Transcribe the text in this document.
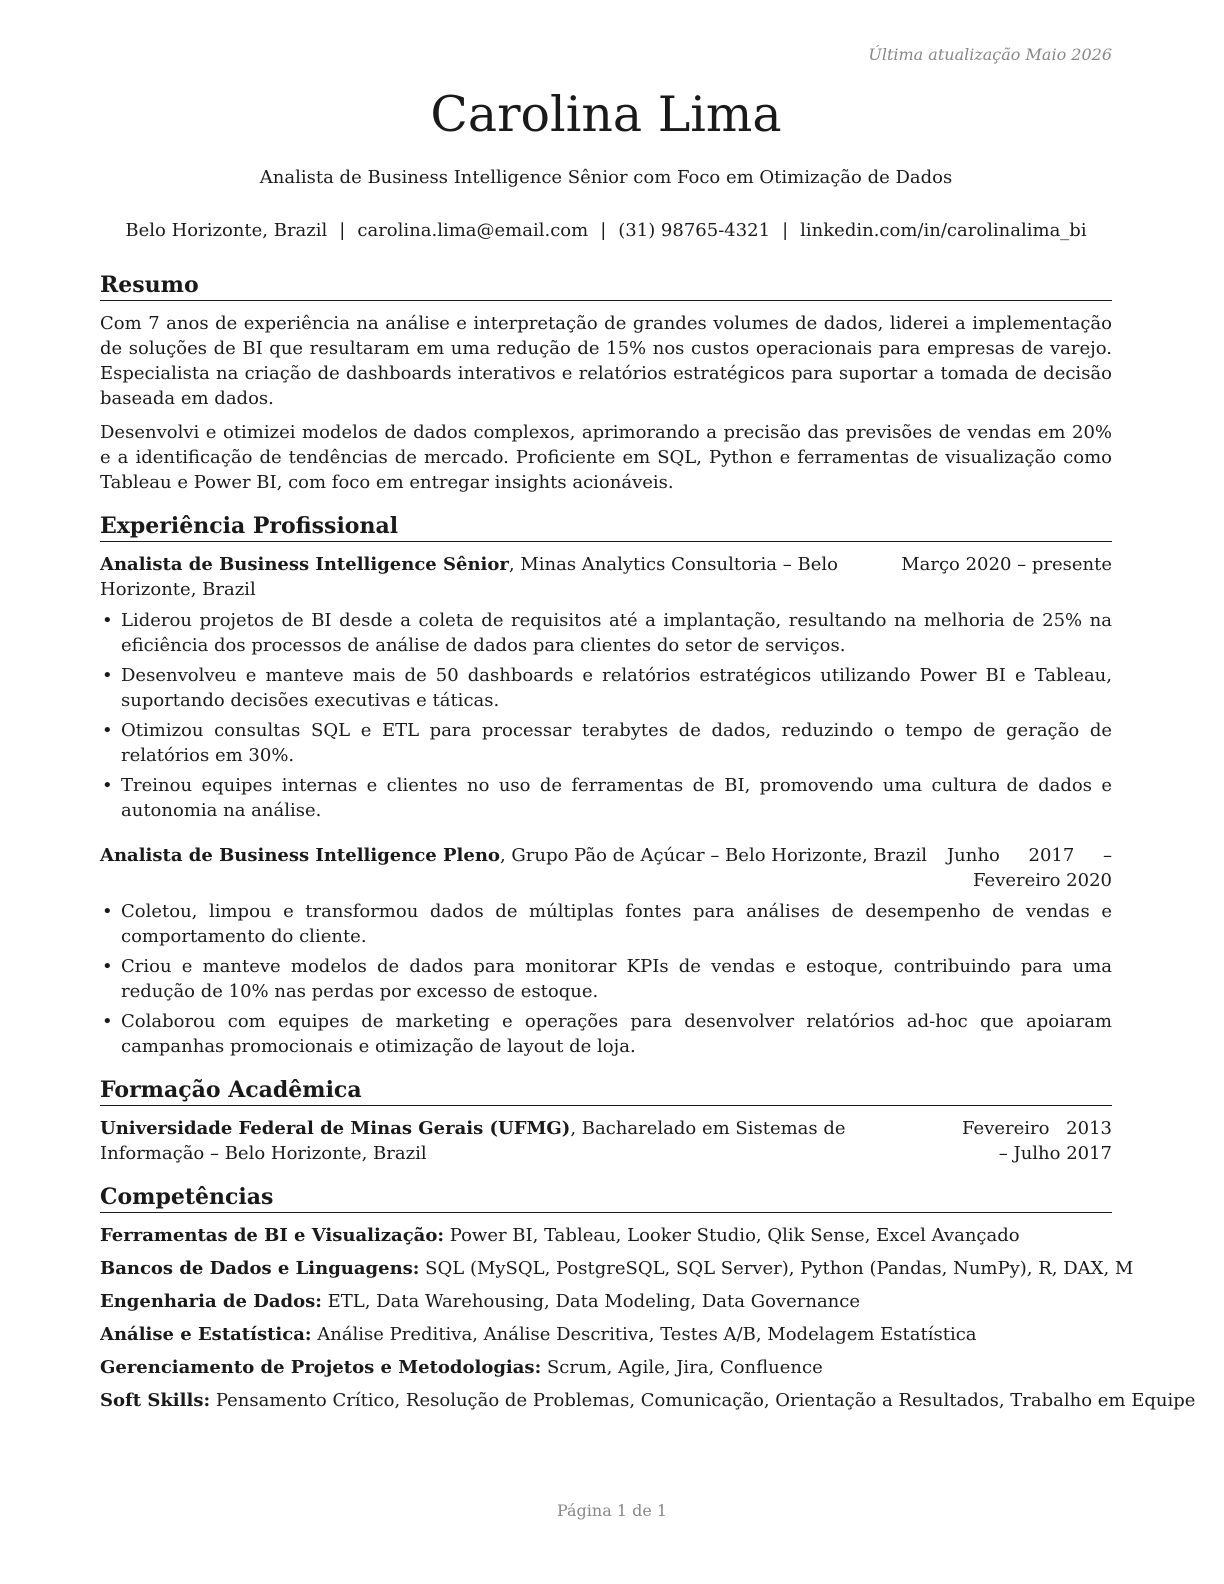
Última atualização Maio 2026
Carolina Lima
Analista de Business Intelligence Sênior com Foco em Otimização de Dados
Belo Horizonte, Brazil | carolina.lima@email.com | (31) 98765-4321 | linkedin.com/in/carolinalima_bi
Resumo

Com 7 anos de experiência na análise e interpretação de grandes volumes de dados, liderei a implementação de soluções de BI que resultaram em uma redução de 15% nos custos operacionais para empresas de varejo. Especialista na criação de dashboards interativos e relatórios estratégicos para suportar a tomada de decisão baseada em dados.

Desenvolvi e otimizei modelos de dados complexos, aprimorando a precisão das previsões de vendas em 20% e a identificação de tendências de mercado. Proficiente em SQL, Python e ferramentas de visualização como Tableau e Power BI, com foco em entregar insights acionáveis.

Experiência Profissional
Analista de Business Intelligence Sênior, Minas Analytics Consultoria – Belo Horizonte, Brazil
Março 2020 – presente
• Liderou projetos de BI desde a coleta de requisitos até a implantação, resultando na melhoria de 25% na eficiência dos processos de análise de dados para clientes do setor de serviços.
• Desenvolveu e manteve mais de 50 dashboards e relatórios estratégicos utilizando Power BI e Tableau, suportando decisões executivas e táticas.
• Otimizou consultas SQL e ETL para processar terabytes de dados, reduzindo o tempo de geração de relatórios em 30%.
• Treinou equipes internas e clientes no uso de ferramentas de BI, promovendo uma cultura de dados e autonomia na análise.
Analista de Business Intelligence Pleno, Grupo Pão de Açúcar – Belo Horizonte, Brazil	Junho 2017 – Fevereiro 2020
• Coletou, limpou e transformou dados de múltiplas fontes para análises de desempenho de vendas e comportamento do cliente.
• Criou e manteve modelos de dados para monitorar KPIs de vendas e estoque, contribuindo para uma redução de 10% nas perdas por excesso de estoque.
• Colaborou com equipes de marketing e operações para desenvolver relatórios ad-hoc que apoiaram campanhas promocionais e otimização de layout de loja.
Formação Acadêmica
Universidade Federal de Minas Gerais (UFMG), Bacharelado em Sistemas de Informação – Belo Horizonte, Brazil
Fevereiro 2013 – Julho 2017
Competências
Ferramentas de BI e Visualização: Power BI, Tableau, Looker Studio, Qlik Sense, Excel Avançado
Bancos de Dados e Linguagens: SQL (MySQL, PostgreSQL, SQL Server), Python (Pandas, NumPy), R, DAX, M
Engenharia de Dados: ETL, Data Warehousing, Data Modeling, Data Governance
Análise e Estatística: Análise Preditiva, Análise Descritiva, Testes A/B, Modelagem Estatística
Gerenciamento de Projetos e Metodologias: Scrum, Agile, Jira, Confluence
Soft Skills: Pensamento Crítico, Resolução de Problemas, Comunicação, Orientação a Resultados, Trabalho em Equipe
Página 1 de 1
